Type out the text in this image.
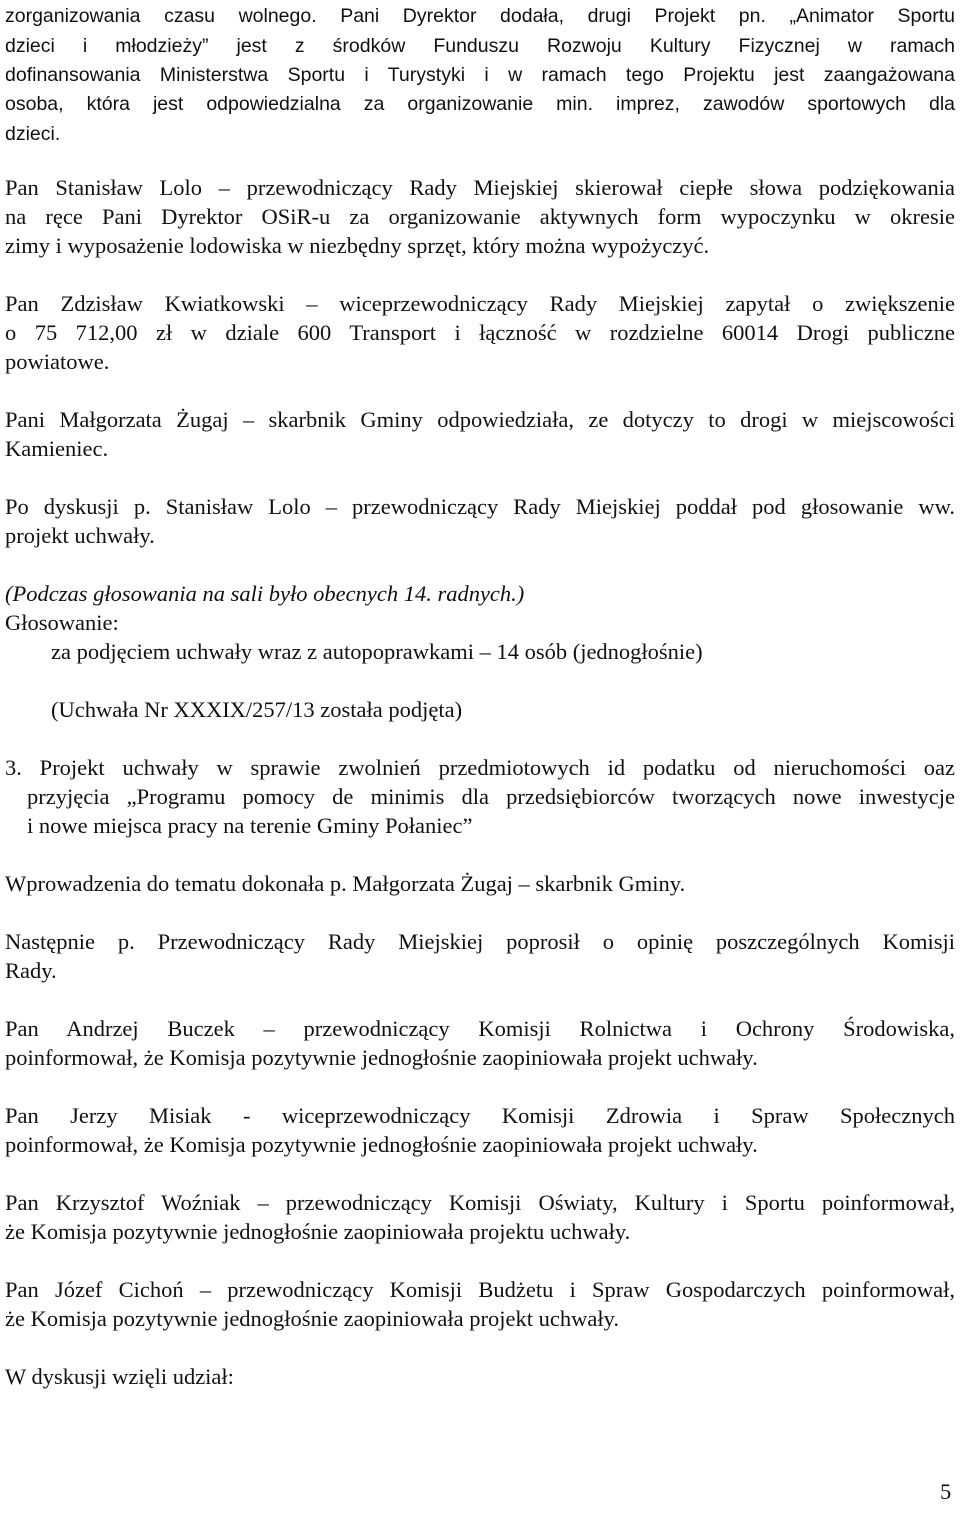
zorganizowania czasu wolnego. Pani Dyrektor dodała, drugi Projekt pn. „Animator Sportu
dzieci i młodzieży” jest z środków Funduszu Rozwoju Kultury Fizycznej w ramach
dofinansowania Ministerstwa Sportu i Turystyki i w ramach tego Projektu jest zaangażowana
osoba, która jest odpowiedzialna za organizowanie min. imprez, zawodów sportowych dla
dzieci.
Pan Stanisław Lolo – przewodniczący Rady Miejskiej skierował ciepłe słowa podziękowania
na ręce Pani Dyrektor OSiR-u za organizowanie aktywnych form wypoczynku w okresie
zimy i wyposażenie lodowiska w niezbędny sprzęt, który można wypożyczyć.
Pan Zdzisław Kwiatkowski – wiceprzewodniczący Rady Miejskiej zapytał o zwiększenie
o 75 712,00 zł w dziale 600 Transport i łączność w rozdzielne 60014 Drogi publiczne
powiatowe.
Pani Małgorzata Żugaj – skarbnik Gminy odpowiedziała, ze dotyczy to drogi w miejscowości
Kamieniec.
Po dyskusji p. Stanisław Lolo – przewodniczący Rady Miejskiej poddał pod głosowanie ww.
projekt uchwały.
(Podczas głosowania na sali było obecnych 14. radnych.)
Głosowanie:
za podjęciem uchwały wraz z autopoprawkami – 14 osób (jednogłośnie)
(Uchwała Nr XXXIX/257/13 została podjęta)
3. Projekt uchwały w sprawie zwolnień przedmiotowych id podatku od nieruchomości oaz
przyjęcia „Programu pomocy de minimis dla przedsiębiorców tworzących nowe inwestycje
i nowe miejsca pracy na terenie Gminy Połaniec”
Wprowadzenia do tematu dokonała p. Małgorzata Żugaj – skarbnik Gminy.
Następnie p. Przewodniczący Rady Miejskiej poprosił o opinię poszczególnych Komisji
Rady.
Pan Andrzej Buczek – przewodniczący Komisji Rolnictwa i Ochrony Środowiska,
poinformował, że Komisja pozytywnie jednogłośnie zaopiniowała projekt uchwały.
Pan Jerzy Misiak - wiceprzewodniczący Komisji Zdrowia i Spraw Społecznych
poinformował, że Komisja pozytywnie jednogłośnie zaopiniowała projekt uchwały.
Pan Krzysztof Woźniak – przewodniczący Komisji Oświaty, Kultury i Sportu poinformował,
że Komisja pozytywnie jednogłośnie zaopiniowała projektu uchwały.
Pan Józef Cichoń – przewodniczący Komisji Budżetu i Spraw Gospodarczych poinformował,
że Komisja pozytywnie jednogłośnie zaopiniowała projekt uchwały.
W dyskusji wzięli udział:
5
